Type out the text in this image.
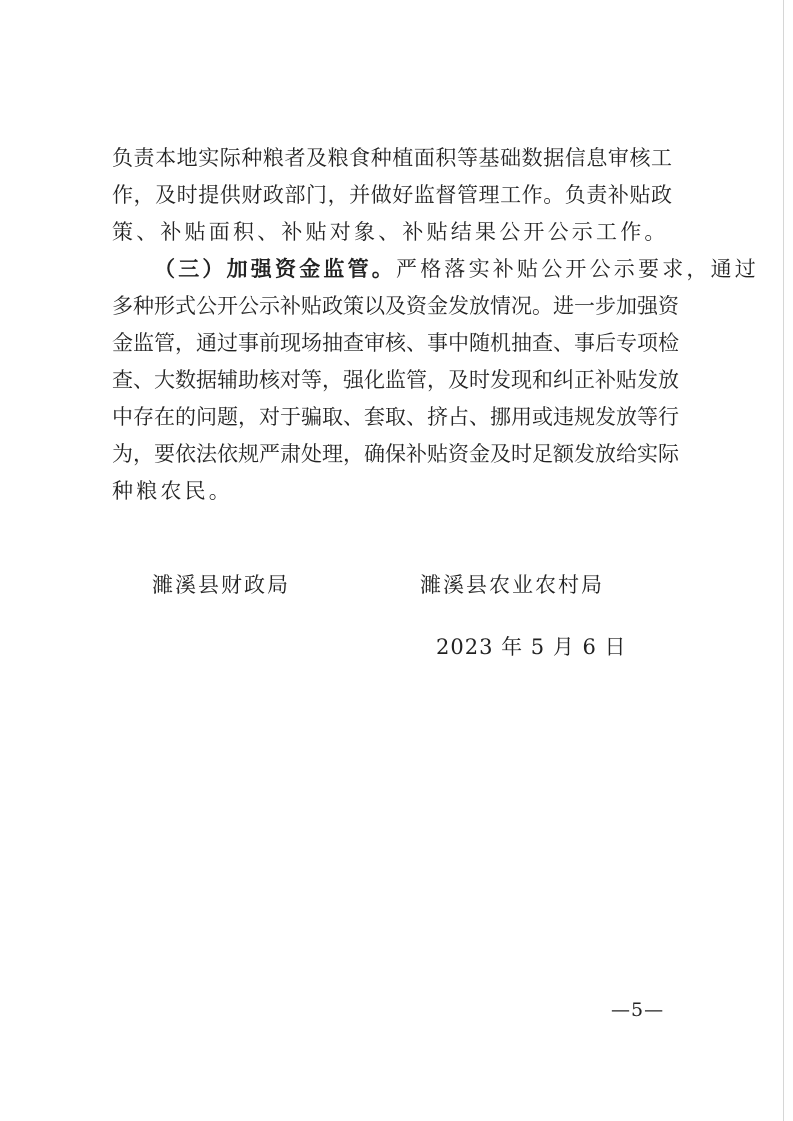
负责本地实际种粮者及粮食种植面积等基础数据信息审核工
作，及时提供财政部门，并做好监督管理工作。负责补贴政
策、补贴面积、补贴对象、补贴结果公开公示工作。
（三）加强资金监管。严格落实补贴公开公示要求，通过
多种形式公开公示补贴政策以及资金发放情况。进一步加强资
金监管，通过事前现场抽查审核、事中随机抽查、事后专项检
查、大数据辅助核对等，强化监管，及时发现和纠正补贴发放
中存在的问题，对于骗取、套取、挤占、挪用或违规发放等行
为，要依法依规严肃处理，确保补贴资金及时足额发放给实际
种粮农民。
濉溪县财政局	濉溪县农业农村局
2023 年 5 月 6 日
—5—
